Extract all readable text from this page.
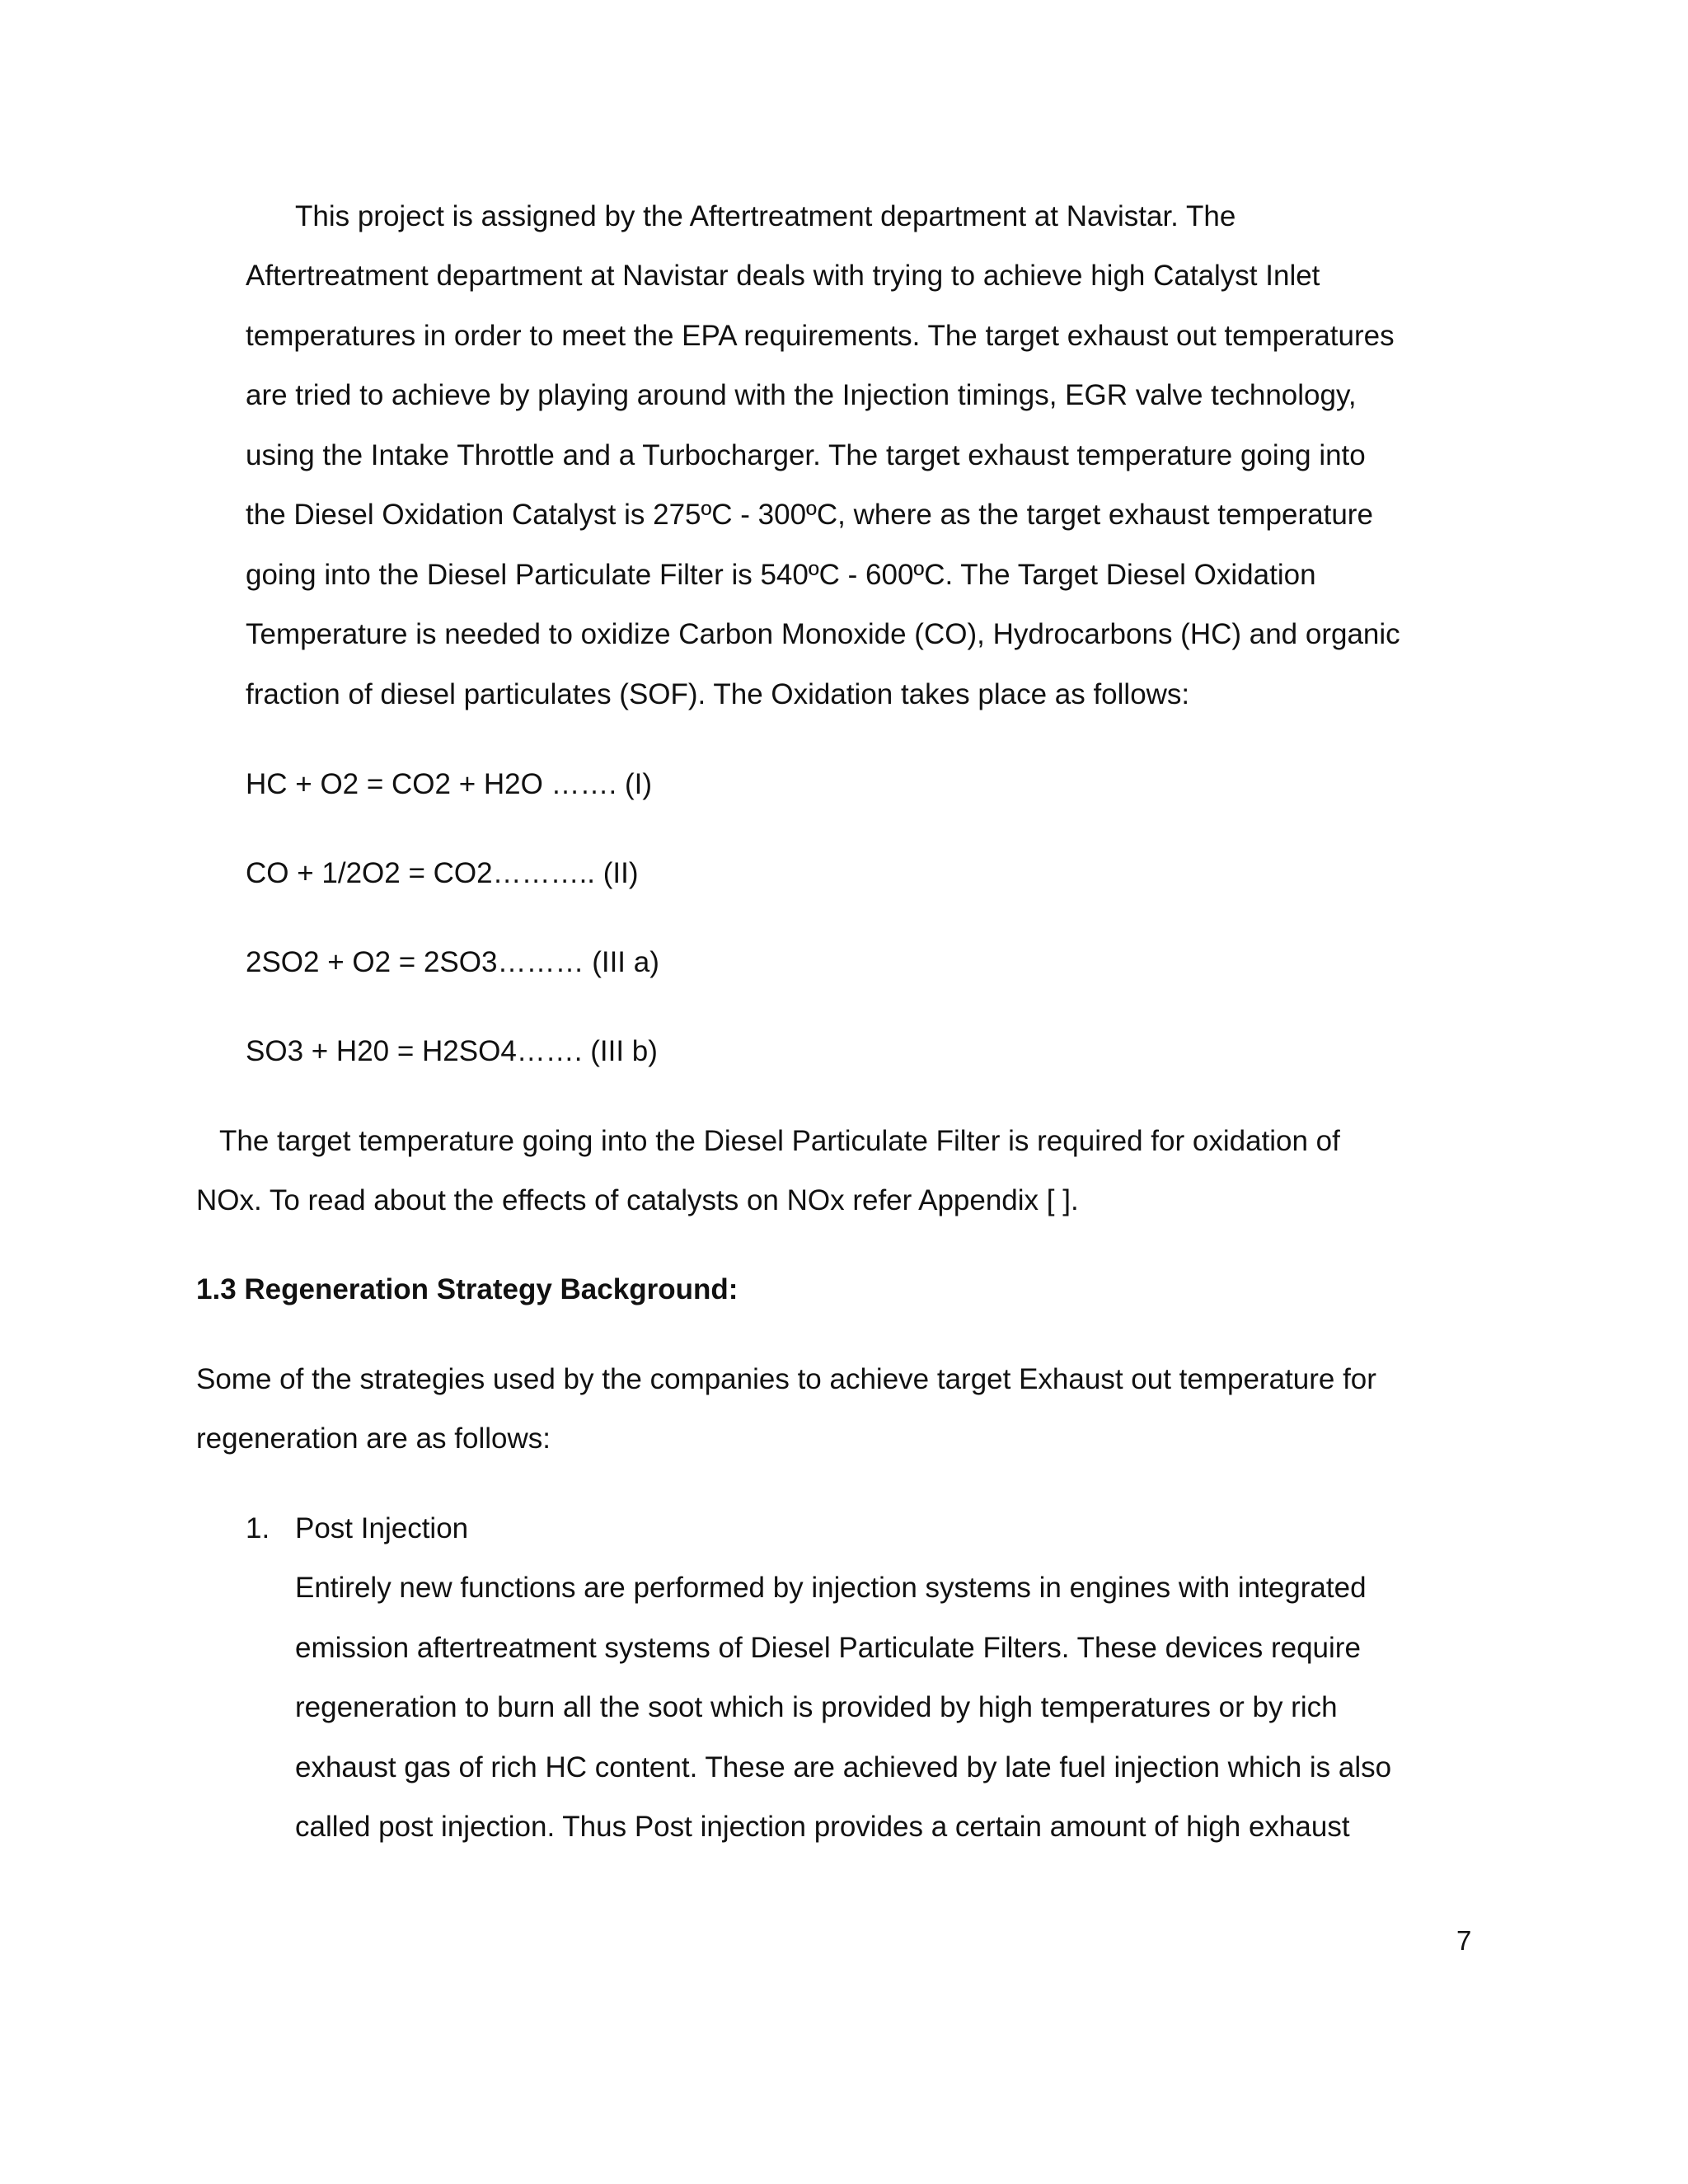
This project is assigned by the Aftertreatment department at Navistar. The
Aftertreatment department at Navistar deals with trying to achieve high Catalyst Inlet
temperatures in order to meet the EPA requirements. The target exhaust out temperatures
are tried to achieve by playing around with the Injection timings, EGR valve technology,
using the Intake Throttle and a Turbocharger. The target exhaust temperature going into
the Diesel Oxidation Catalyst is 275ºC - 300ºC, where as the target exhaust temperature
going into the Diesel Particulate Filter is 540ºC - 600ºC. The Target Diesel Oxidation
Temperature is needed to oxidize Carbon Monoxide (CO), Hydrocarbons (HC) and organic
fraction of diesel particulates (SOF). The Oxidation takes place as follows:
HC + O2 = CO2 + H2O ……. (I)
CO + 1/2O2 = CO2……….. (II)
2SO2 + O2 = 2SO3……… (III a)
SO3 + H20 = H2SO4……. (III b)
The target temperature going into the Diesel Particulate Filter is required for oxidation of
NOx. To read about the effects of catalysts on NOx refer Appendix [ ].
1.3 Regeneration Strategy Background:
Some of the strategies used by the companies to achieve target Exhaust out temperature for
regeneration are as follows:
1. Post Injection
Entirely new functions are performed by injection systems in engines with integrated
emission aftertreatment systems of Diesel Particulate Filters. These devices require
regeneration to burn all the soot which is provided by high temperatures or by rich
exhaust gas of rich HC content. These are achieved by late fuel injection which is also
called post injection. Thus Post injection provides a certain amount of high exhaust
7
